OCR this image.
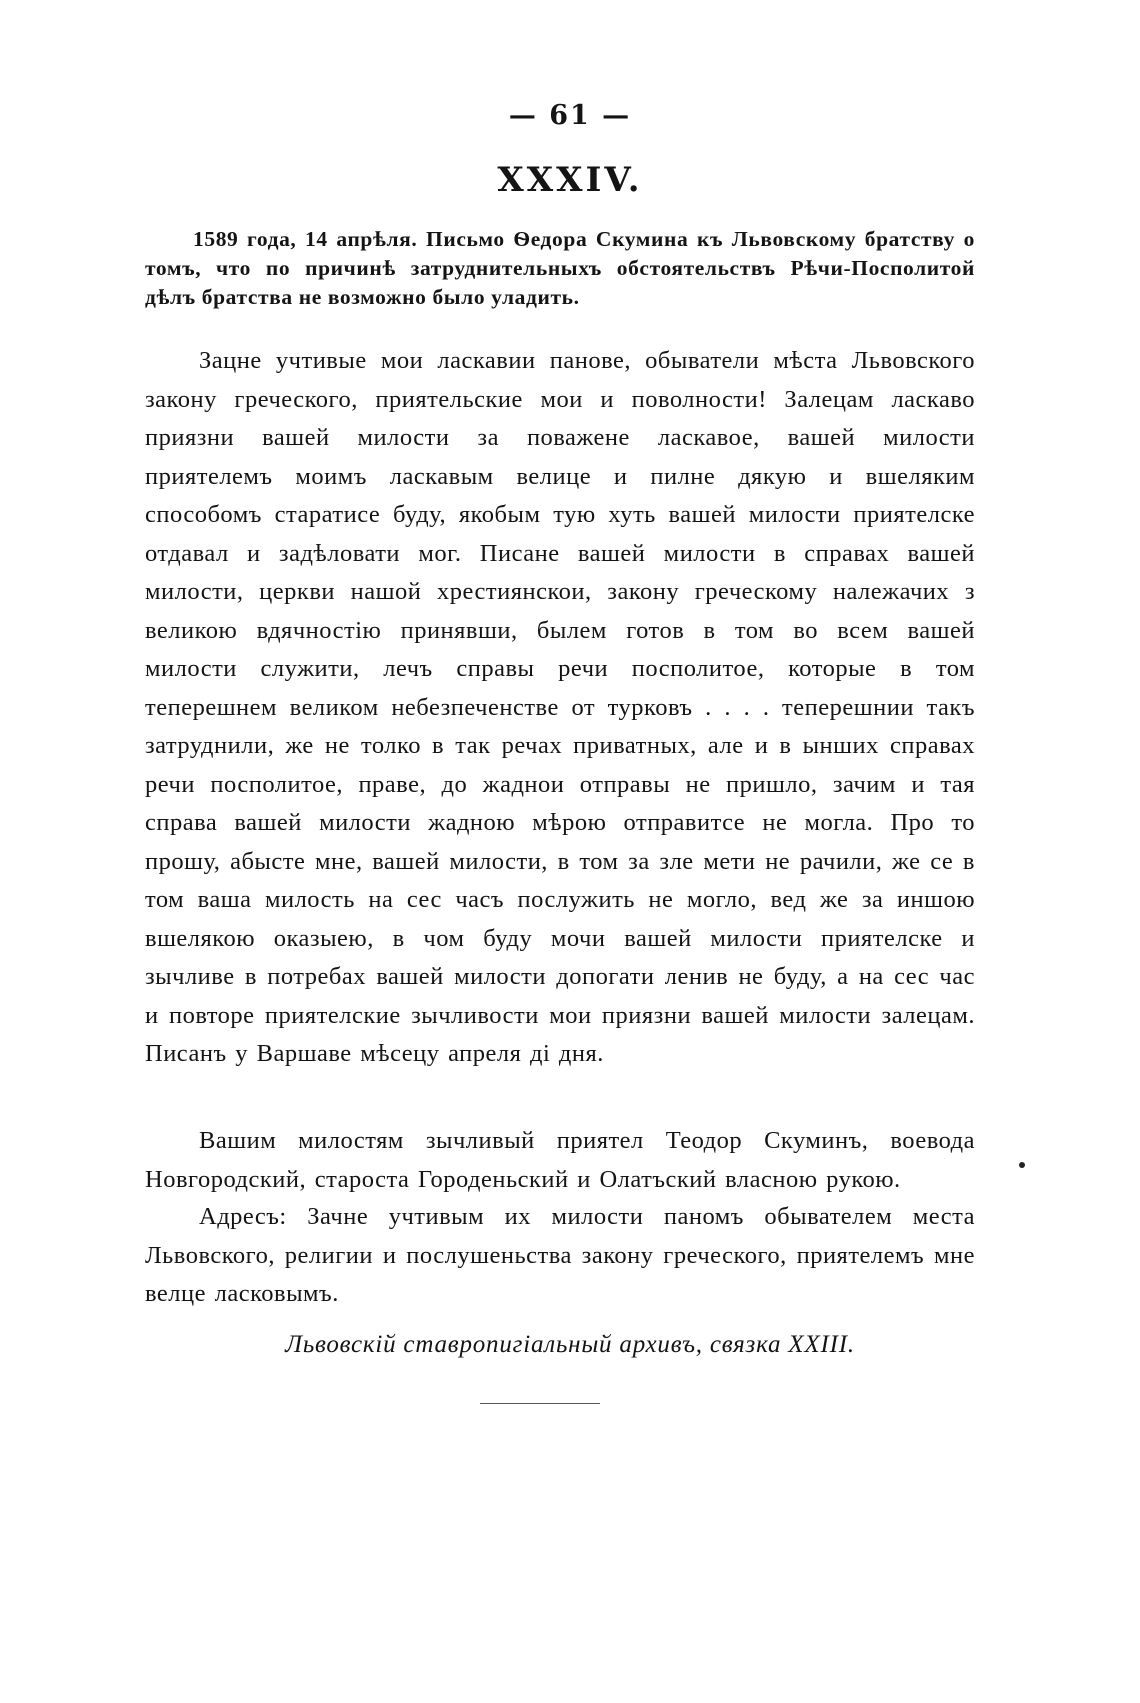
— 61 —
XXXIV.

1589 года, 14 апрѣля. Письмо Ѳедора Скумина къ Львовскому братству о томъ, что по причинѣ затруднительныхъ обстоятельствъ Рѣчи-Посполитой дѣлъ братства не возможно было уладить.

Зацне учтивые мои ласкавии панове, обыватели мѣста Львовского закону греческого, приятельские мои и поволности! Залецам ласкаво приязни вашей милости за поважене ласкавое, вашей милости приятелемъ моимъ ласкавым велице и пилне дякую и вшеляким способомъ старатисе буду, якобым тую хуть вашей милости приятелске отдавал и задѣловати мог. Писане вашей милости в справах вашей милости, церкви нашой хрестиянскои, закону греческому належачих з великою вдячностію принявши, былем готов в том во всем вашей милости служити, лечъ справы речи посполитое, которые в том теперешнем великом небезпеченстве от турковъ . . . . теперешнии такъ затруднили, же не толко в так речах приватных, але и в ынших справах речи посполитое, праве, до жаднои отправы не пришло, зачим и тая справа вашей милости жадною мѣрою отправитсе не могла. Про то прошу, абысте мне, вашей милости, в том за зле мети не рачили, же се в том ваша милость на сес часъ послужить не могло, вед же за иншою вшелякою оказыею, в чом буду мочи вашей милости приятелске и зычливе в потребах вашей милости допогати ленив не буду, а на сес час и повторе приятелские зычливости мои приязни вашей милости залецам. Писанъ у Варшаве мѣсецу апреля ді дня.

Вашим милостям зычливый приятел Теодор Скуминъ, воевода Новгородский, староста Городеньский и Олатъский власною рукою.

Адресъ: Зачне учтивым их милости паномъ обывателем места Львовского, религии и послушеньства закону греческого, приятелемъ мне велце ласковымъ.

Львовскій ставропигіальный архивъ, связка XXIII.
